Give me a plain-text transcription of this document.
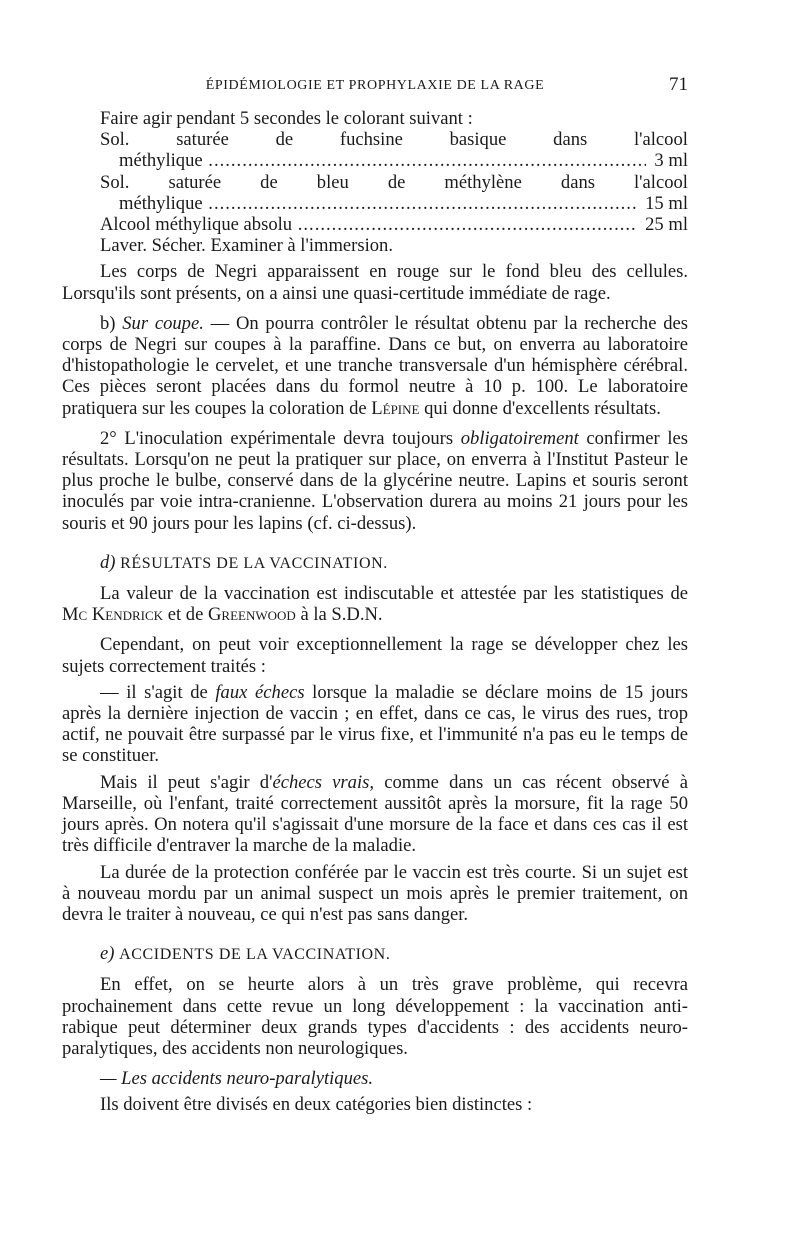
ÉPIDÉMIOLOGIE ET PROPHYLAXIE DE LA RAGE	71

Faire agir pendant 5 secondes le colorant suivant :

Sol.	saturée	de	fuchsine	basique	dans	l'alcool
méthylique .....	3 ml
Sol. saturée de bleu de méthylène dans l'alcool
méthylique .....	15 ml
Alcool méthylique absolu .....	25 ml

Laver. Sécher. Examiner à l'immersion.

Les corps de Negri apparaissent en rouge sur le fond bleu des cellules. Lorsqu'ils sont présents, on a ainsi une quasi-certitude immédiate de rage.

b) Sur coupe. — On pourra contrôler le résultat obtenu par la recherche des corps de Negri sur coupes à la paraffine. Dans ce but, on enverra au laboratoire d'histopathologie le cervelet, et une tranche transversale d'un hémisphère cérébral. Ces pièces seront placées dans du formol neutre à 10 p. 100. Le laboratoire pratiquera sur les coupes la coloration de Lépine qui donne d'excellents résultats.

2° L'inoculation expérimentale devra toujours obligatoirement confirmer les résultats. Lorsqu'on ne peut la pratiquer sur place, on enverra à l'Institut Pasteur le plus proche le bulbe, conservé dans de la glycérine neutre. Lapins et souris seront inoculés par voie intra-cranienne. L'observation durera au moins 21 jours pour les souris et 90 jours pour les lapins (cf. ci-dessus).

d) RÉSULTATS DE LA VACCINATION.

La valeur de la vaccination est indiscutable et attestée par les statistiques de Mc Kendrick et de Greenwood à la S.D.N.

Cependant, on peut voir exceptionnellement la rage se développer chez les sujets correctement traités :

— il s'agit de faux échecs lorsque la maladie se déclare moins de 15 jours après la dernière injection de vaccin ; en effet, dans ce cas, le virus des rues, trop actif, ne pouvait être surpassé par le virus fixe, et l'immunité n'a pas eu le temps de se constituer.

Mais il peut s'agir d'échecs vrais, comme dans un cas récent observé à Marseille, où l'enfant, traité correctement aussitôt après la morsure, fit la rage 50 jours après. On notera qu'il s'agissait d'une morsure de la face et dans ces cas il est très difficile d'entraver la marche de la maladie.

La durée de la protection conférée par le vaccin est très courte. Si un sujet est à nouveau mordu par un animal suspect un mois après le premier traitement, on devra le traiter à nouveau, ce qui n'est pas sans danger.

e) ACCIDENTS DE LA VACCINATION.

En effet, on se heurte alors à un très grave problème, qui recevra prochainement dans cette revue un long développement : la vaccination anti-rabique peut déterminer deux grands types d'accidents : des accidents neuro-paralytiques, des accidents non neurologiques.

— Les accidents neuro-paralytiques.

Ils doivent être divisés en deux catégories bien distinctes :
